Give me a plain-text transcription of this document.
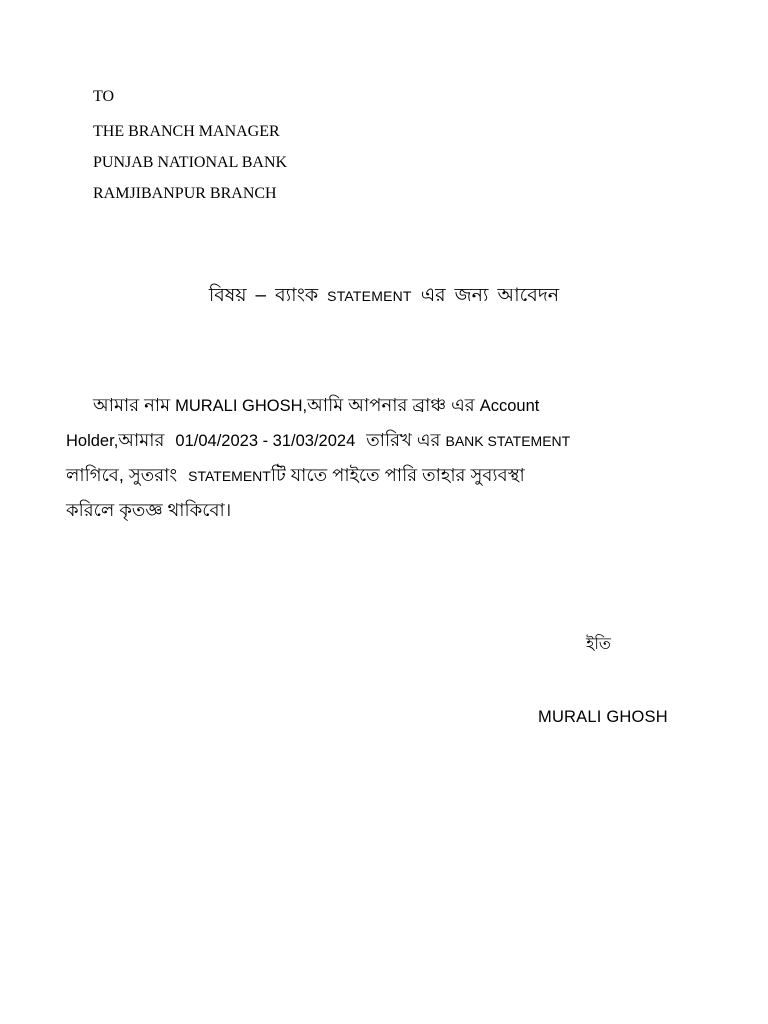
TO

THE BRANCH MANAGER

PUNJAB NATIONAL BANK

RAMJIBANPUR BRANCH

বিষয় – ব্যাংক STATEMENT এর জন্য আবেদন

আমার নাম MURALI GHOSH,আমি আপনার ব্রাঞ্চ এর Account

Holder,আমার 01/04/2023 - 31/03/2024 তারিখ এর BANK STATEMENT

লাগিবে, সুতরাং STATEMENTটি যাতে পাইতে পারি তাহার সুব্যবস্থা

করিলে কৃতজ্ঞ থাকিবো।

ইতি

MURALI GHOSH
